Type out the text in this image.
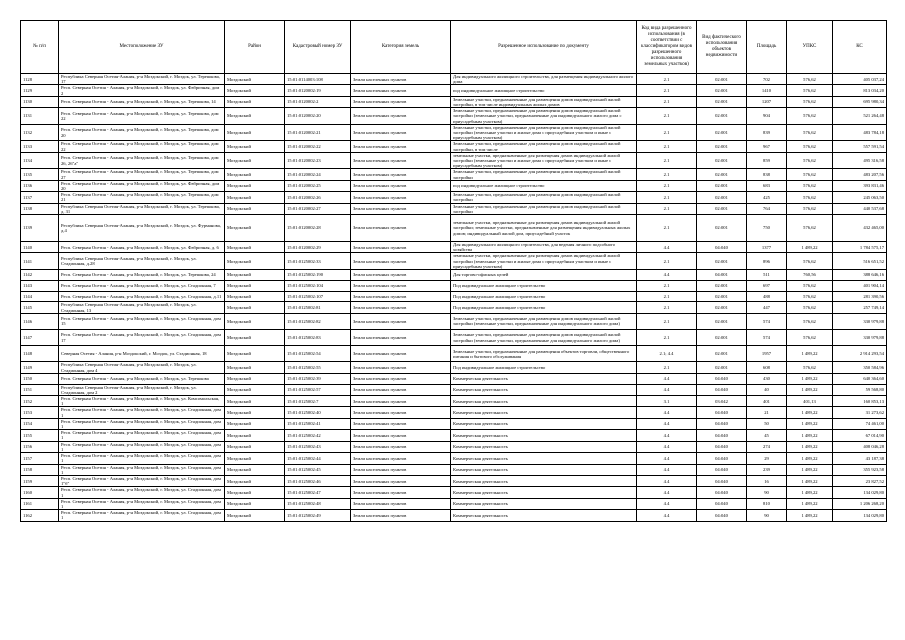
№ п/п	Местоположение ЗУ	Район	Кадастровый номер ЗУ	Категория земель	Разрешенное использование по документу	Код вида разрешенного использования (в соответствии с классификатором видов разрешенного использования земельных участков)	Вид фактического использования объектов недвижимости	Площадь	УПКС	КС
1128	Республика Северная Осетия-Алания, р-н Моздокский, г. Моздок, ул. Терешкова, 17	Моздокский	15:01:0114003:108	Земли населенных пунктов	Для индивидуального жилищного строительства, для размещения индивидуального жилого дома	2.1	02:001	702	576,62	405 037,24
1129	Респ. Северная Осетия - Алания, р-н Моздокский, г. Моздок, ул. Фабричная, дом 2	Моздокский	15:01:0120002:19	Земли населенных пунктов	под индивидуальное жилищное строительство	2.1	02:001	1410	576,62	813 034,20
1130	Респ. Северная Осетия - Алания, р-н Моздокский, г. Моздок, ул. Терешкова, 14	Моздокский	15:01:0120002:2	Земли населенных пунктов	Земельные участки, предназначенные для размещения домов индивидуальной жилой застройки, в том числе индивидуальных жилых домов	2.1	02:001	1207	576,62	695 980,34
1131	Респ. Северная Осетия - Алания, р-н Моздокский, г. Моздок, ул. Терешкова, дом 22	Моздокский	15:01:0120002:20	Земли населенных пунктов	Земельные участки, предназначенные для размещения домов индивидуальной жилой застройки (земельные участки, предназначенные для индивидуального жилого дома с приусадебным участком)	2.1	02:001	904	576,62	521 264,48
1132	Респ. Северная Осетия - Алания, р-н Моздокский, г. Моздок, ул. Терешкова, дом 20	Моздокский	15:01:0120002:21	Земли населенных пунктов	Земельные участки, предназначенные для размещения домов индивидуальной жилой застройки (земельные участки и жилые дома с приусадебным участком и иные с приусадебным участком)	2.1	02:001	839	576,62	483 784,18
1133	Респ. Северная Осетия - Алания, р-н Моздокский, г. Моздок, ул. Терешкова, дом 22	Моздокский	15:01:0120002:22	Земли населенных пунктов	Земельные участки, предназначенные для размещения домов индивидуальной жилой застройки, в том числе	2.1	02:001	967	576,62	557 591,54
1134	Респ. Северная Осетия - Алания, р-н Моздокский, г. Моздок, ул. Терешкова, дом 26, 26"а"	Моздокский	15:01:0120002:23	Земли населенных пунктов	земельные участки, предназначенные для размещения домов индивидуальной жилой застройки (земельные участки и жилые дома с приусадебным участком и иные с приусадебным участком)	2.1	02:001	859	576,62	495 316,58
1135	Респ. Северная Осетия - Алания, р-н Моздокский, г. Моздок, ул. Терешкова, дом 27	Моздокский	15:01:0120002:24	Земли населенных пунктов	Земельные участки, предназначенные для размещения домов индивидуальной жилой застройки	2.1	02:001	838	576,62	483 207,56
1136	Респ. Северная Осетия - Алания, р-н Моздокский, г. Моздок, ул. Фабричная, дом 20	Моздокский	15:01:0120002:25	Земли населенных пунктов	под индивидуальное жилищное строительство	2.1	02:001	683	576,62	393 831,46
1137	Респ. Северная Осетия - Алания, р-н Моздокский, г. Моздок, ул. Терешкова, дом 21	Моздокский	15:01:0120002:26	Земли населенных пунктов	Земельные участки, предназначенные для размещения домов индивидуальной жилой застройки	2.1	02:001	425	576,62	245 063,50
1138	Республика Северная Осетия-Алания, р-н Моздокский, г. Моздок, ул. Терешкова, д. 31	Моздокский	15:01:0120002:27	Земли населенных пунктов	Земельные участки, предназначенные для размещения домов индивидуальной жилой застройки	2.1	02:001	764	576,62	440 537,68
1139	Республика Северная Осетия-Алания, р-н Моздокский, г. Моздок, ул. Фурманова, д.4	Моздокский	15:01:0120002:28	Земли населенных пунктов	земельные участки, предназначенные для размещения домов индивидуальной жилой застройки; земельные участки, предназначенные для размещения индивидуальных жилых домов; индивидуальный жилой дом, приусадебный участок	2.1	02:001	750	576,62	432 465,00
1140	Респ. Северная Осетия - Алания, р-н Моздокский, г. Моздок, ул. Фабричная, д. 6	Моздокский	15:01:0120002:29	Земли населенных пунктов	Для индивидуального жилищного строительства, для ведения личного подсобного хозяйства	4.4	04:040	1377	1 489,22	1 784 575,17
1141	Республика Северная Осетия-Алания, р-н Моздокский, г. Моздок, ул. Стадионная, д.28	Моздокский	15:01:0125002:33	Земли населенных пунктов	земельные участки, предназначенные для размещения домов индивидуальной жилой застройки (земельные участки и жилые дома с приусадебным участком и иные с приусадебным участком)	2.1	02:001	896	576,62	516 651,52
1142	Респ. Северная Осетия - Алания, р-н Моздокский, г. Моздок, ул. Терешкова, 24	Моздокский	15:01:0125002:190	Земли населенных пунктов	Для торгово-офисных целей	4.4	04:001	511	760,56	388 646,16
1143	Респ. Северная Осетия - Алания, р-н Моздокский, г. Моздок, ул. Стадионная, 7	Моздокский	15:01:0125002:104	Земли населенных пунктов	Под индивидуальное жилищное строительство	2.1	02:001	697	576,62	401 904,14
1144	Респ. Северная Осетия - Алания, р-н Моздокский, г. Моздок, ул. Стадионная, д.11	Моздокский	15:01:0125002:107	Земли населенных пунктов	Под индивидуальное жилищное строительство	2.1	02:001	488	576,62	281 390,56
1145	Республика Северная Осетия-Алания, р-н Моздокский, г. Моздок, ул. Стадионная, 13	Моздокский	15:01:0125002:81	Земли населенных пунктов	Под индивидуальное жилищное строительство	2.1	02:001	447	576,62	257 749,14
1146	Респ. Северная Осетия - Алания, р-н Моздокский, г. Моздок, ул. Стадионная, дом 15	Моздокский	15:01:0125002:82	Земли населенных пунктов	Земельные участки, предназначенные для размещения домов индивидуальной жилой застройки (земельные участки, предназначенные для индивидуального жилого дома)	2.1	02:001	574	576,62	330 979,88
1147	Респ. Северная Осетия - Алания, р-н Моздокский, г. Моздок, ул. Стадионная, дом 17	Моздокский	15:01:0125002:83	Земли населенных пунктов	Земельные участки, предназначенные для размещения домов индивидуальной жилой застройки (земельные участки, предназначенные для индивидуального жилого дома)	2.1	02:001	574	576,62	330 979,88
1148	Северная Осетия - Алания, р-н Моздокский, г. Моздок, ул. Стадионная, 18	Моздокский	15:01:0125002:54	Земли населенных пунктов	Земельные участки, предназначенные для размещения объектов торговли, общественного питания и бытового обслуживания	2.1; 4.4	02:001	1957	1 489,22	2 914 293,54
1149	Республика Северная Осетия-Алания, р-н Моздокский, г. Моздок, ул. Стадионная, дом 4	Моздокский	15:01:0125002:55	Земли населенных пунктов	Под индивидуальное жилищное строительство	2.1	02:001	608	576,62	350 584,96
1150	Респ. Северная Осетия - Алания, р-н Моздокский, г. Моздок, ул. Терешкова	Моздокский	15:01:0125002:39	Земли населенных пунктов	Коммерческая деятельность	4.4	04:040	430	1 489,22	640 364,60
1151	Республика Северная Осетия-Алания, р-н Моздокский, г. Моздок, ул. Стадионная, дом 2	Моздокский	15:01:0125002:57	Земли населенных пунктов	Коммерческая деятельность	4.4	04:040	40	1 489,22	59 568,80
1152	Респ. Северная Осетия - Алания, р-н Моздокский, г. Моздок, ул. Комсомольская, 1	Моздокский	15:01:0125002:7	Земли населенных пунктов	Коммерческая деятельность	3.1	03:042	401	401,13	160 853,13
1153	Респ. Северная Осетия - Алания, р-н Моздокский, г. Моздок, ул. Стадионная, дом 1	Моздокский	15:01:0125002:40	Земли населенных пунктов	Коммерческая деятельность	4.4	04:040	21	1 489,22	31 273,62
1154	Респ. Северная Осетия - Алания, р-н Моздокский, г. Моздок, ул. Стадионная, дом 1	Моздокский	15:01:0125002:41	Земли населенных пунктов	Коммерческая деятельность	4.4	04:040	50	1 489,22	74 461,00
1155	Респ. Северная Осетия - Алания, р-н Моздокский, г. Моздок, ул. Стадионная, дом 1	Моздокский	15:01:0125002:42	Земли населенных пунктов	Коммерческая деятельность	4.4	04:040	45	1 489,22	67 014,90
1156	Респ. Северная Осетия - Алания, р-н Моздокский, г. Моздок, ул. Стадионная, дом 1	Моздокский	15:01:0125002:43	Земли населенных пунктов	Коммерческая деятельность	4.4	04:040	274	1 489,22	408 046,28
1157	Респ. Северная Осетия - Алания, р-н Моздокский, г. Моздок, ул. Стадионная, дом 1	Моздокский	15:01:0125002:44	Земли населенных пунктов	Коммерческая деятельность	4.4	04:040	29	1 489,22	43 187,38
1158	Респ. Северная Осетия - Алания, р-н Моздокский, г. Моздок, ул. Стадионная, дом 1	Моздокский	15:01:0125002:45	Земли населенных пунктов	Коммерческая деятельность	4.4	04:040	239	1 489,22	355 923,58
1159	Респ. Северная Осетия - Алания, р-н Моздокский, г. Моздок, ул. Стадионная, дом 1"б"	Моздокский	15:01:0125002:46	Земли населенных пунктов	Коммерческая деятельность	4.4	04:040	16	1 489,22	23 827,52
1160	Респ. Северная Осетия - Алания, р-н Моздокский, г. Моздок, ул. Стадионная, дом 1	Моздокский	15:01:0125002:47	Земли населенных пунктов	Коммерческая деятельность	4.4	04:040	90	1 489,22	134 029,80
1161	Респ. Северная Осетия - Алания, р-н Моздокский, г. Моздок, ул. Стадионная, дом 1	Моздокский	15:01:0125002:48	Земли населенных пунктов	Коммерческая деятельность	4.4	04:040	810	1 489,22	1 206 268,20
1162	Респ. Северная Осетия - Алания, р-н Моздокский, г. Моздок, ул. Стадионная, дом 1	Моздокский	15:01:0125002:49	Земли населенных пунктов	Коммерческая деятельность	4.4	04:040	90	1 489,22	134 029,80
